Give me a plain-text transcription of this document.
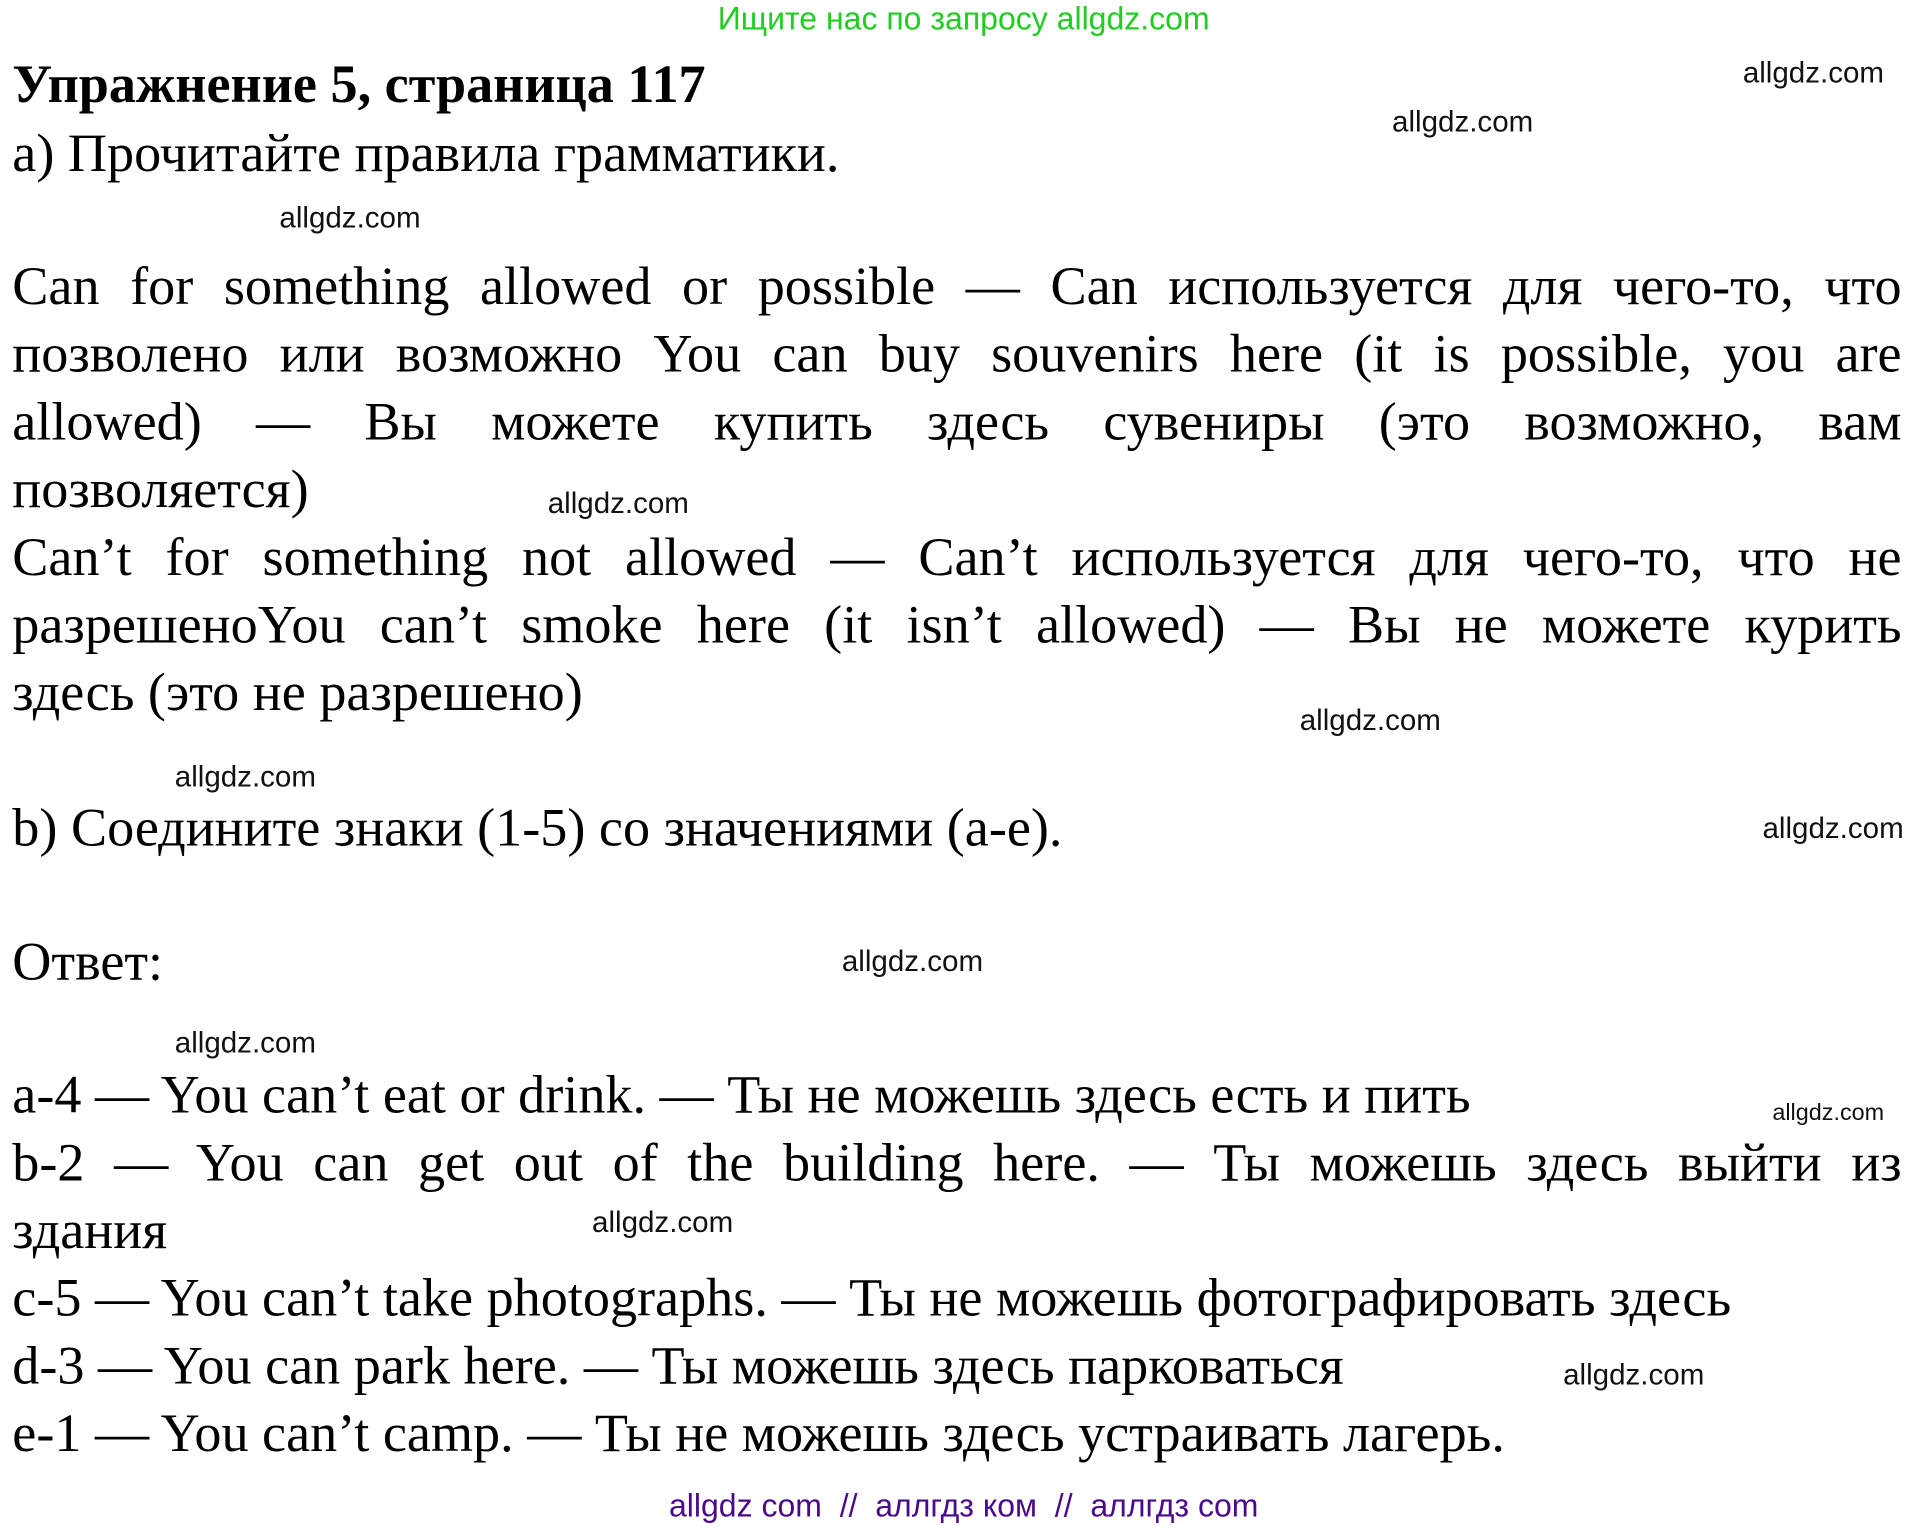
Ищите нас по запросу allgdz.com
Упражнение 5, страница 117
a) Прочитайте правила грамматики.
Can for something allowed or possible — Can используется для чего-то, что
позволено или возможно You can buy souvenirs here (it is possible, you are
allowed) — Вы можете купить здесь сувениры (это возможно, вам
позволяется)
Can’t for something not allowed — Can’t используется для чего-то, что не
разрешеноYou can’t smoke here (it isn’t allowed) — Вы не можете курить
здесь (это не разрешено)
b) Соедините знаки (1-5) со значениями (a-e).
Ответ:
a-4 — You can’t eat or drink. — Ты не можешь здесь есть и пить
b-2 — You can get out of the building here. — Ты можешь здесь выйти из
здания
c-5 — You can’t take photographs. — Ты не можешь фотографировать здесь
d-3 — You can park here. — Ты можешь здесь парковаться
e-1 — You can’t camp. — Ты не можешь здесь устраивать лагерь.
allgdz.com
allgdz.com
allgdz.com
allgdz.com
allgdz.com
allgdz.com
allgdz.com
allgdz.com
allgdz.com
allgdz.com
allgdz.com
allgdz.com
allgdz com  //  аллгдз ком  //  аллгдз com
